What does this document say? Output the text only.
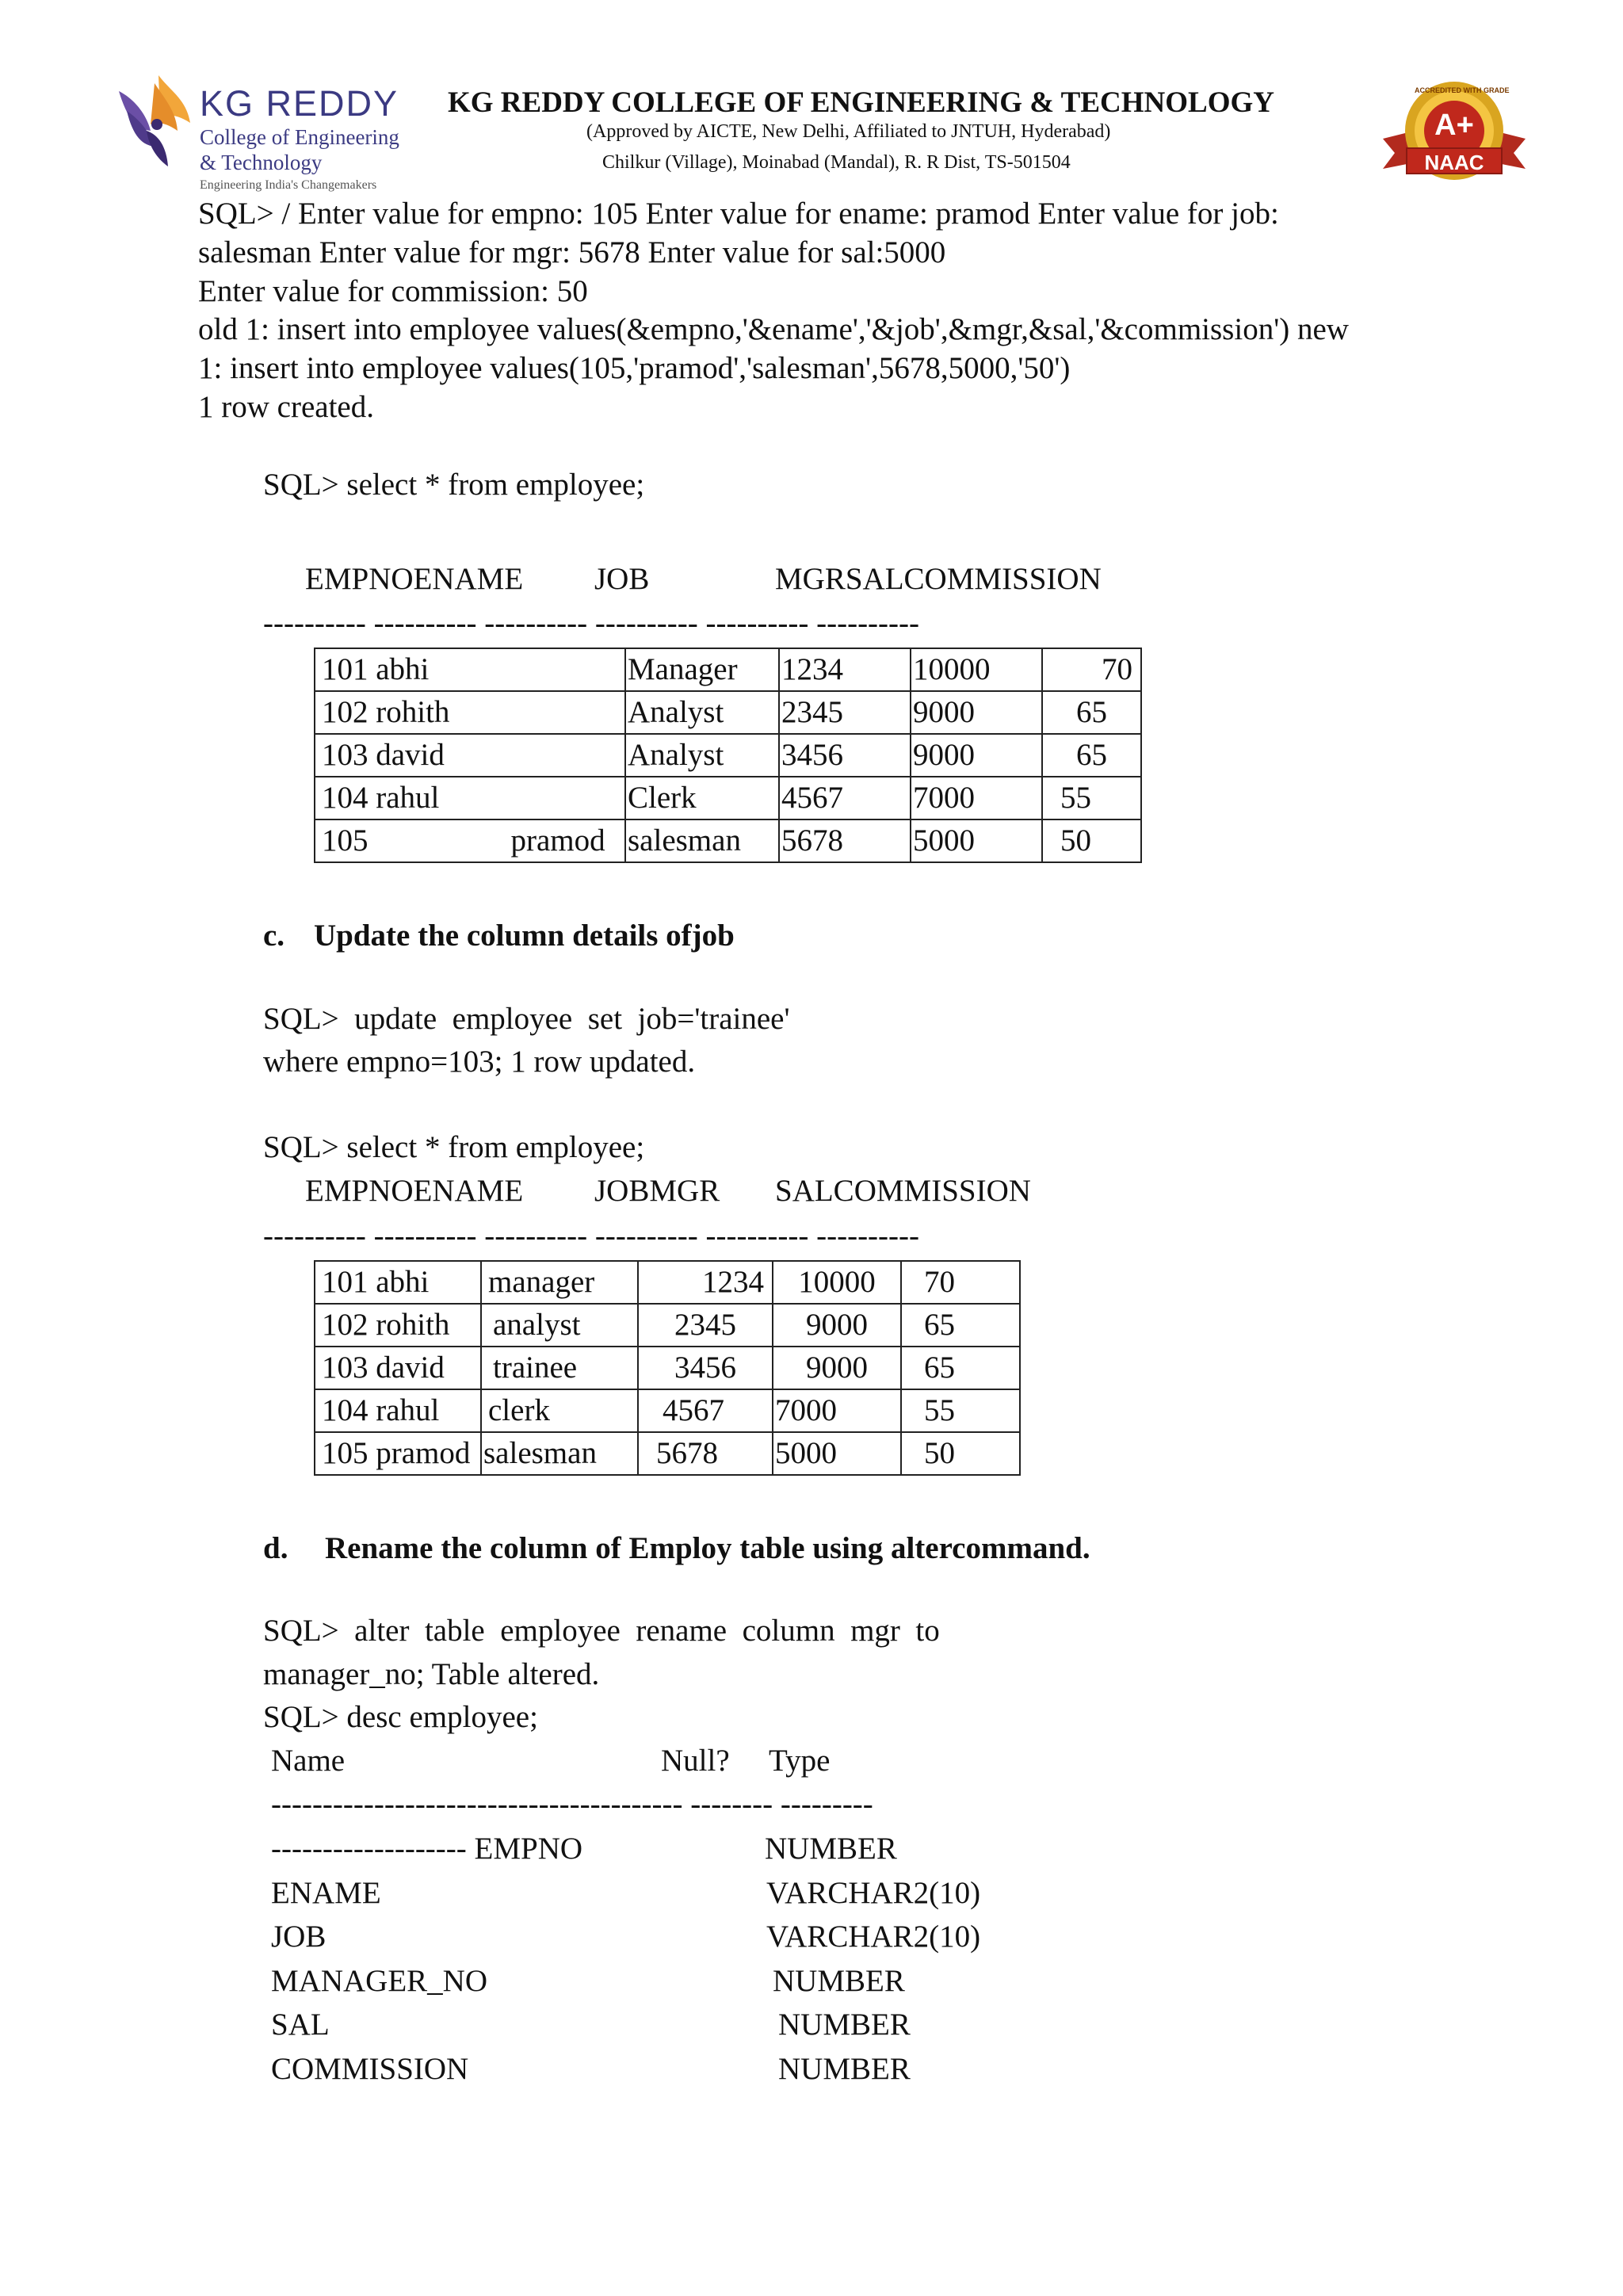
KG REDDY
College of Engineering
& Technology
Engineering India's Changemakers
KG REDDY COLLEGE OF ENGINEERING & TECHNOLOGY
(Approved by AICTE, New Delhi, Affiliated to JNTUH, Hyderabad)
Chilkur (Village), Moinabad (Mandal), R. R Dist, TS-501504
ACCREDITED WITH GRADE
A+
NAAC
SQL> / Enter value for empno: 105 Enter value for ename: pramod Enter value for job:
salesman Enter value for mgr: 5678 Enter value for sal:5000
Enter value for commission: 50
old 1: insert into employee values(&empno,'&ename','&job',&mgr,&sal,'&commission') new
1: insert into employee values(105,'pramod','salesman',5678,5000,'50')
1 row created.
SQL> select * from employee;
EMPNOENAME JOB	MGRSALCOMMISSION
---------- ---------- ---------- ---------- ---------- ----------
101 abhi	Manager	1234	10000	70
102 rohith	Analyst	2345	9000	65
103 david	Analyst	3456	9000	65
104 rahul	Clerk	4567	7000	55
105 pramod	salesman	5678	5000	50
c. Update the column details ofjob
SQL>  update  employee  set  job='trainee'
where empno=103; 1 row updated.
SQL> select * from employee;
EMPNOENAME JOBMGR SALCOMMISSION
---------- ---------- ---------- ---------- ---------- ----------
101 abhi	manager	1234	10000	70
102 rohith	analyst	2345	9000	65
103 david	trainee	3456	9000	65
104 rahul	clerk	4567	7000	55
105 pramod	salesman	5678	5000	50
d. Rename the column of Employ table using altercommand.
SQL>  alter  table  employee  rename  column  mgr  to
manager_no; Table altered.
SQL> desc employee;
Name	Null? Type
---------------------------------------- -------- ---------
------------------- EMPNO	NUMBER
ENAME	VARCHAR2(10)
JOB	VARCHAR2(10)
MANAGER_NO	NUMBER
SAL	NUMBER
COMMISSION	NUMBER
